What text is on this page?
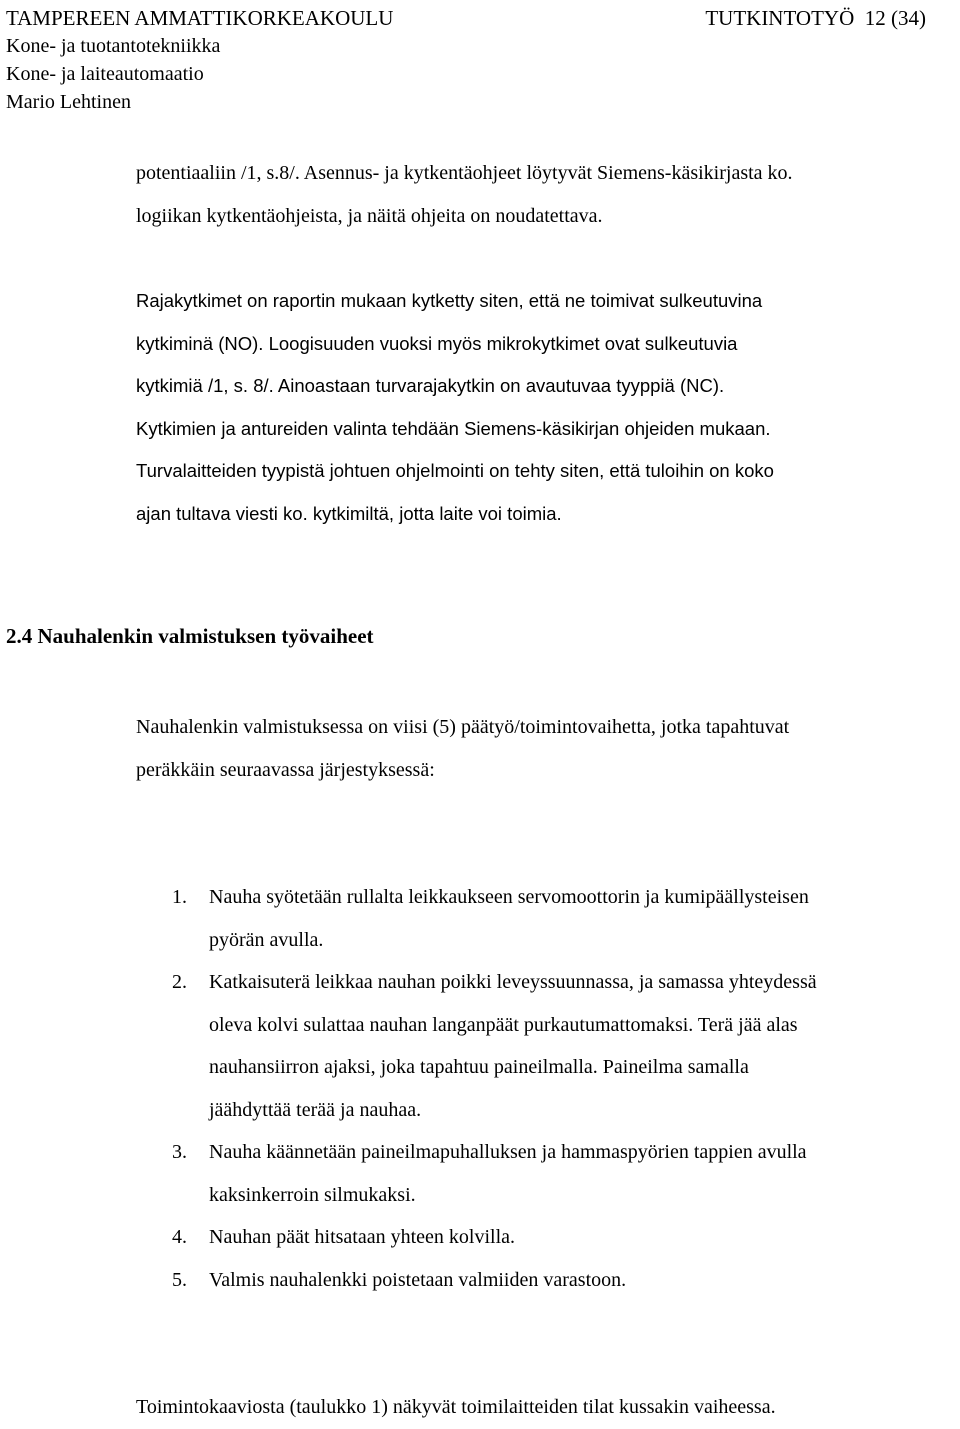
TAMPEREEN AMMATTIKORKEAKOULU	TUTKINTOTYÖ 12 (34)
Kone- ja tuotantotekniikka
Kone- ja laiteautomaatio
Mario Lehtinen
potentiaaliin /1, s.8/. Asennus- ja kytkentäohjeet löytyvät Siemens-käsikirjasta ko.
logiikan kytkentäohjeista, ja näitä ohjeita on noudatettava.
Rajakytkimet on raportin mukaan kytketty siten, että ne toimivat sulkeutuvina
kytkiminä (NO). Loogisuuden vuoksi myös mikrokytkimet ovat sulkeutuvia
kytkimiä /1, s. 8/. Ainoastaan turvarajakytkin on avautuvaa tyyppiä (NC).
Kytkimien ja antureiden valinta tehdään Siemens-käsikirjan ohjeiden mukaan.
Turvalaitteiden tyypistä johtuen ohjelmointi on tehty siten, että tuloihin on koko
ajan tultava viesti ko. kytkimiltä, jotta laite voi toimia.
2.4 Nauhalenkin valmistuksen työvaiheet
Nauhalenkin valmistuksessa on viisi (5) päätyö/toimintovaihetta, jotka tapahtuvat
peräkkäin seuraavassa järjestyksessä:
1.	Nauha syötetään rullalta leikkaukseen servomoottorin ja kumipäällysteisen
pyörän avulla.
2.	Katkaisuterä leikkaa nauhan poikki leveyssuunnassa, ja samassa yhteydessä
oleva kolvi sulattaa nauhan langanpäät purkautumattomaksi. Terä jää alas
nauhansiirron ajaksi, joka tapahtuu paineilmalla. Paineilma samalla
jäähdyttää terää ja nauhaa.
3.	Nauha käännetään paineilmapuhalluksen ja hammaspyörien tappien avulla
kaksinkerroin silmukaksi.
4.	Nauhan päät hitsataan yhteen kolvilla.
5.	Valmis nauhalenkki poistetaan valmiiden varastoon.
Toimintokaaviosta (taulukko 1) näkyvät toimilaitteiden tilat kussakin vaiheessa.
